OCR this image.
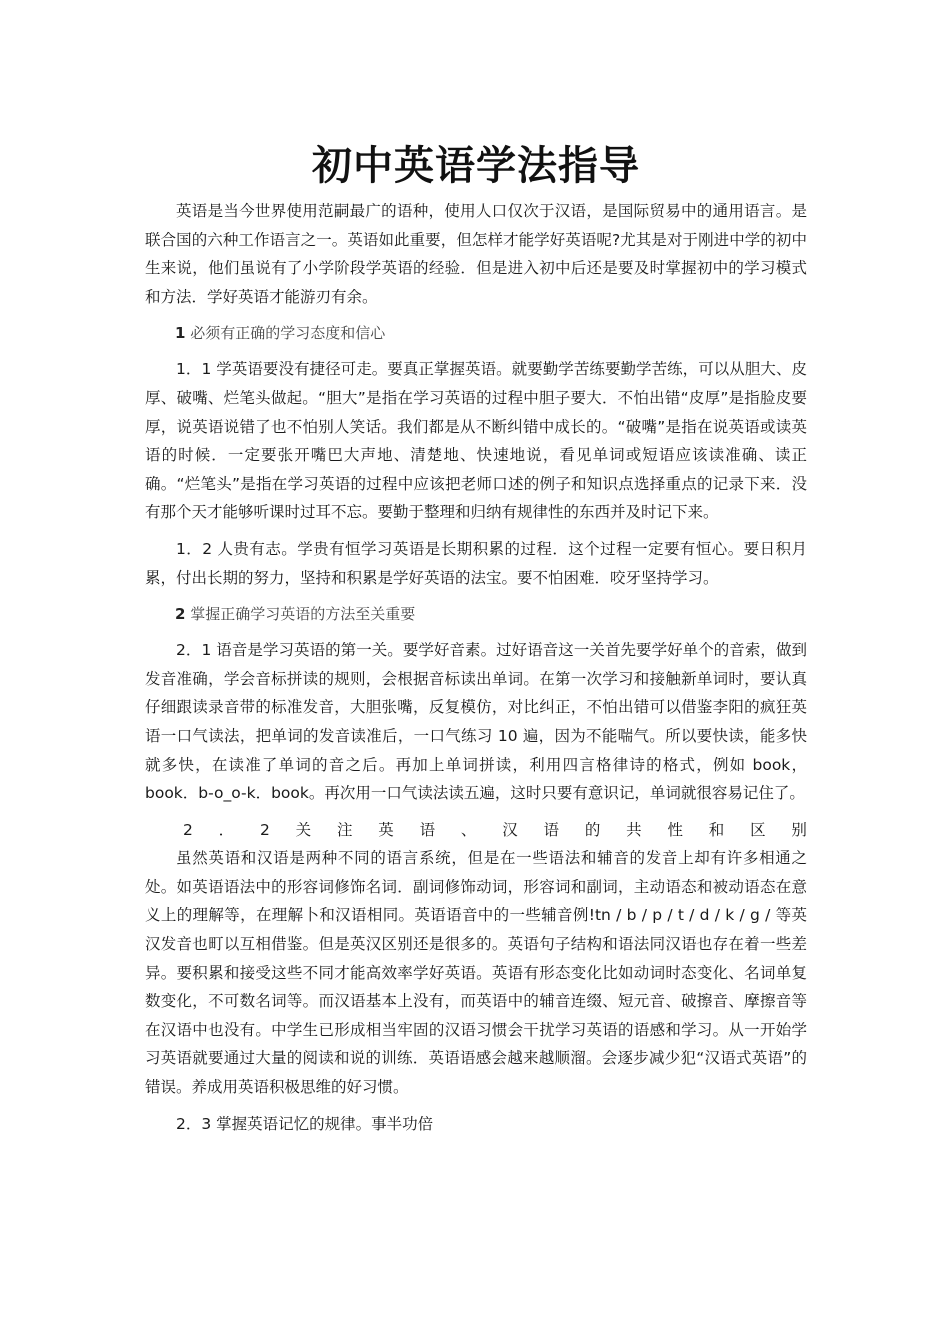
初中英语学法指导

英语是当今世界使用范嗣最广的语种，使用人口仅次于汉语，是国际贸易中的通用语言。是联合国的六种工作语言之一。英语如此重要，但怎样才能学好英语呢?尤其是对于刚进中学的初中生来说，他们虽说有了小学阶段学英语的经验．但是进入初中后还是要及时掌握初中的学习模式和方法．学好英语才能游刃有余。

1 必须有正确的学习态度和信心

1．1 学英语要没有捷径可走。要真正掌握英语。就要勤学苦练要勤学苦练，可以从胆大、皮厚、破嘴、烂笔头做起。“胆大”是指在学习英语的过程中胆子要大．不怕出错“皮厚”是指脸皮要厚，说英语说错了也不怕别人笑话。我们都是从不断纠错中成长的。“破嘴”是指在说英语或读英语的时候．一定要张开嘴巴大声地、清楚地、快速地说，看见单词或短语应该读准确、读正确。“烂笔头”是指在学习英语的过程中应该把老师口述的例子和知识点选择重点的记录下来．没有那个天才能够听课时过耳不忘。要勤于整理和归纳有规律性的东西并及时记下来。

1．2 人贵有志。学贵有恒学习英语是长期积累的过程．这个过程一定要有恒心。要日积月累，付出长期的努力，坚持和积累是学好英语的法宝。要不怕困难．咬牙坚持学习。

2 掌握正确学习英语的方法至关重要

2．1 语音是学习英语的第一关。要学好音素。过好语音这一关首先要学好单个的音索，做到发音准确，学会音标拼读的规则，会根据音标读出单词。在第一次学习和接触新单词时，要认真仔细跟读录音带的标准发音，大胆张嘴，反复模仿，对比纠正，不怕出错可以借鉴李阳的疯狂英语一口气读法，把单词的发音读准后，一口气练习 10 遍，因为不能喘气。所以要快读，能多快就多快，在读准了单词的音之后。再加上单词拼读，利用四言格律诗的格式，例如 book，book．b-o_o-k．book。再次用一口气读法读五遍，这时只要有意识记，单词就很容易记住了。

2 ． 2 关 注 英 语 、 汉 语 的 共 性 和 区 别

虽然英语和汉语是两种不同的语言系统，但是在一些语法和辅音的发音上却有许多相通之处。如英语语法中的形容词修饰名词．副词修饰动词，形容词和副词，主动语态和被动语态在意义上的理解等，在理解卜和汉语相同。英语语音中的一些辅音例!tn / b / p / t / d / k / g / 等英汉发音也町以互相借鉴。但是英汉区别还是很多的。英语句子结构和语法同汉语也存在着一些差异。要积累和接受这些不同才能高效率学好英语。英语有形态变化比如动词时态变化、名词单复数变化，不可数名词等。而汉语基本上没有，而英语中的辅音连缀、短元音、破擦音、摩擦音等在汉语中也没有。中学生已形成相当牢固的汉语习惯会干扰学习英语的语感和学习。从一开始学习英语就要通过大量的阅读和说的训练．英语语感会越来越顺溜。会逐步减少犯“汉语式英语”的错误。养成用英语积极思维的好习惯。

2．3 掌握英语记忆的规律。事半功倍
